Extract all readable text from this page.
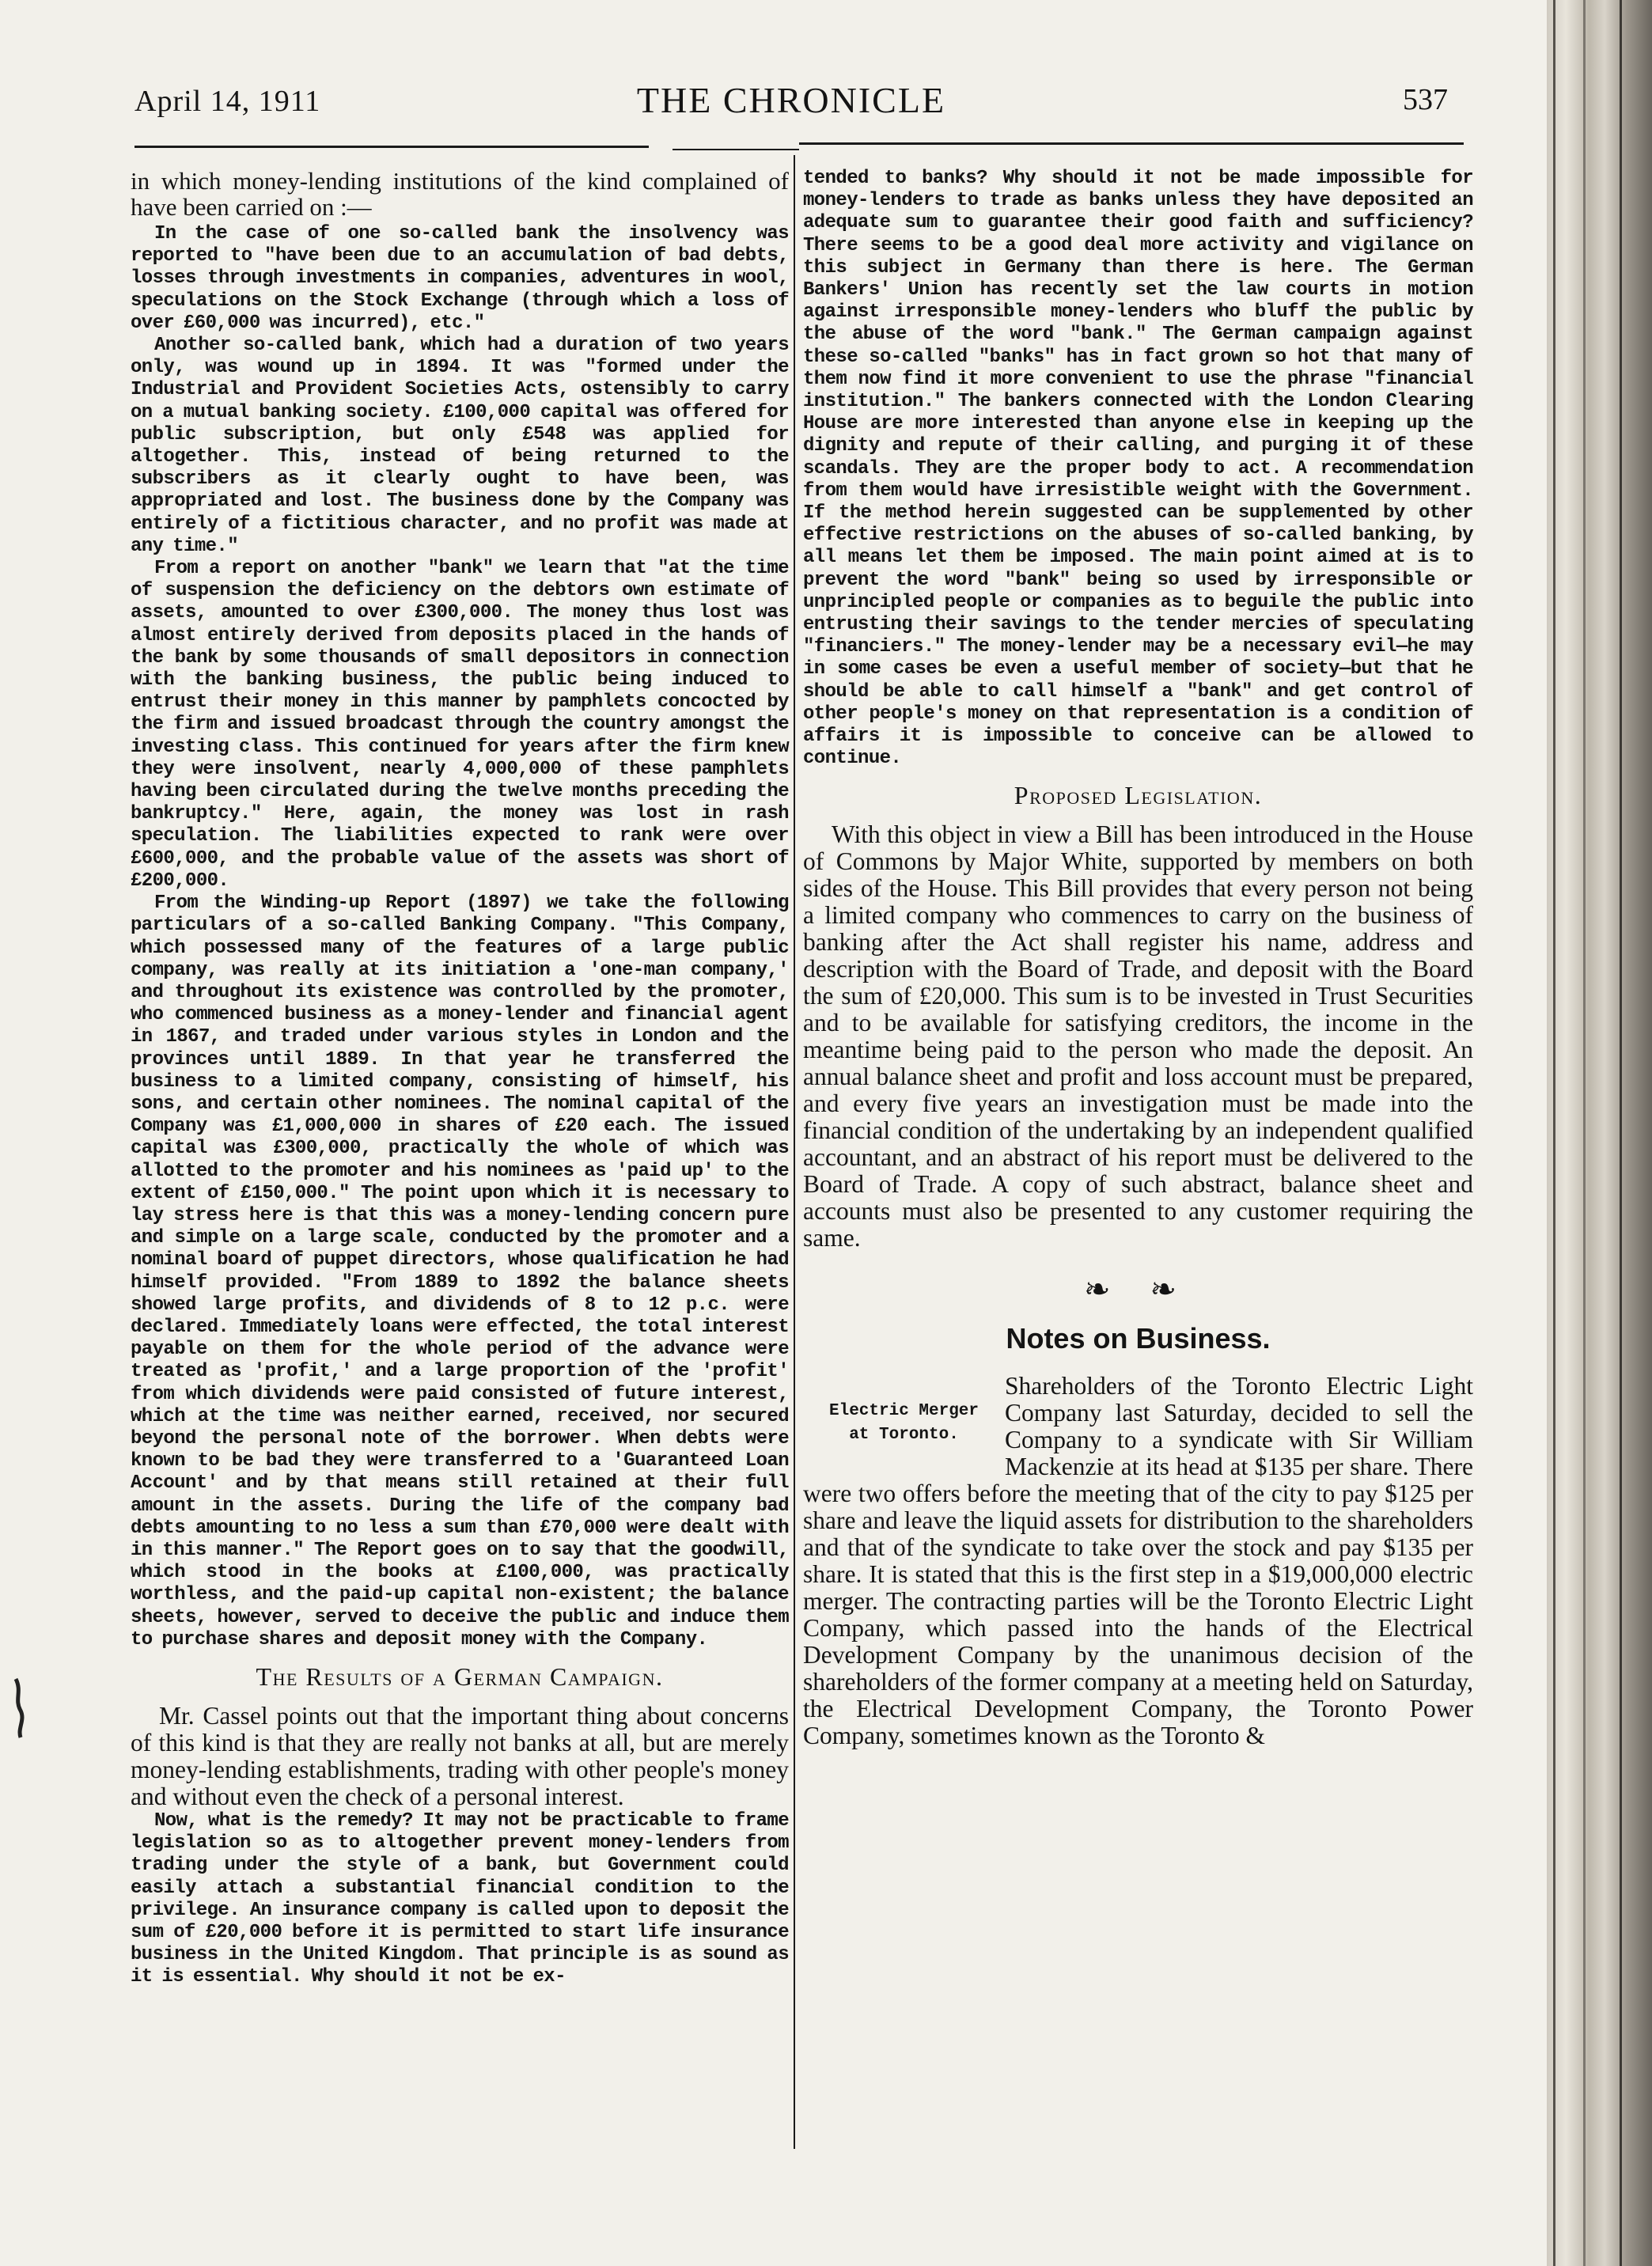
April 14, 1911	THE CHRONICLE	537

in which money-lending institutions of the kind complained of have been carried on :—

In the case of one so-called bank the insolvency was reported to "have been due to an accumulation of bad debts, losses through investments in companies, adventures in wool, speculations on the Stock Exchange (through which a loss of over £60,000 was incurred), etc."

Another so-called bank, which had a duration of two years only, was wound up in 1894. It was "formed under the Industrial and Provident Societies Acts, ostensibly to carry on a mutual banking society. £100,000 capital was offered for public subscription, but only £548 was applied for altogether. This, instead of being returned to the subscribers as it clearly ought to have been, was appropriated and lost. The business done by the Company was entirely of a fictitious character, and no profit was made at any time."

From a report on another "bank" we learn that "at the time of suspension the deficiency on the debtors own estimate of assets, amounted to over £300,000. The money thus lost was almost entirely derived from deposits placed in the hands of the bank by some thousands of small depositors in connection with the banking business, the public being induced to entrust their money in this manner by pamphlets concocted by the firm and issued broadcast through the country amongst the investing class. This continued for years after the firm knew they were insolvent, nearly 4,000,000 of these pamphlets having been circulated during the twelve months preceding the bankruptcy." Here, again, the money was lost in rash speculation. The liabilities expected to rank were over £600,000, and the probable value of the assets was short of £200,000.

From the Winding-up Report (1897) we take the following particulars of a so-called Banking Company. "This Company, which possessed many of the features of a large public company, was really at its initiation a 'one-man company,' and throughout its existence was controlled by the promoter, who commenced business as a money-lender and financial agent in 1867, and traded under various styles in London and the provinces until 1889. In that year he transferred the business to a limited company, consisting of himself, his sons, and certain other nominees. The nominal capital of the Company was £1,000,000 in shares of £20 each. The issued capital was £300,000, practically the whole of which was allotted to the promoter and his nominees as 'paid up' to the extent of £150,000." The point upon which it is necessary to lay stress here is that this was a money-lending concern pure and simple on a large scale, conducted by the promoter and a nominal board of puppet directors, whose qualification he had himself provided. "From 1889 to 1892 the balance sheets showed large profits, and dividends of 8 to 12 p.c. were declared. Immediately loans were effected, the total interest payable on them for the whole period of the advance were treated as 'profit,' and a large proportion of the 'profit' from which dividends were paid consisted of future interest, which at the time was neither earned, received, nor secured beyond the personal note of the borrower. When debts were known to be bad they were transferred to a 'Guaranteed Loan Account' and by that means still retained at their full amount in the assets. During the life of the company bad debts amounting to no less a sum than £70,000 were dealt with in this manner." The Report goes on to say that the goodwill, which stood in the books at £100,000, was practically worthless, and the paid-up capital non-existent; the balance sheets, however, served to deceive the public and induce them to purchase shares and deposit money with the Company.

The Results of a German Campaign.

Mr. Cassel points out that the important thing about concerns of this kind is that they are really not banks at all, but are merely money-lending establishments, trading with other people's money and without even the check of a personal interest.

Now, what is the remedy? It may not be practicable to frame legislation so as to altogether prevent money-lenders from trading under the style of a bank, but Government could easily attach a substantial financial condition to the privilege. An insurance company is called upon to deposit the sum of £20,000 before it is permitted to start life insurance business in the United Kingdom. That principle is as sound as it is essential. Why should it not be ex-

tended to banks? Why should it not be made impossible for money-lenders to trade as banks unless they have deposited an adequate sum to guarantee their good faith and sufficiency? There seems to be a good deal more activity and vigilance on this subject in Germany than there is here. The German Bankers' Union has recently set the law courts in motion against irresponsible money-lenders who bluff the public by the abuse of the word "bank." The German campaign against these so-called "banks" has in fact grown so hot that many of them now find it more convenient to use the phrase "financial institution." The bankers connected with the London Clearing House are more interested than anyone else in keeping up the dignity and repute of their calling, and purging it of these scandals. They are the proper body to act. A recommendation from them would have irresistible weight with the Government. If the method herein suggested can be supplemented by other effective restrictions on the abuses of so-called banking, by all means let them be imposed. The main point aimed at is to prevent the word "bank" being so used by irresponsible or unprincipled people or companies as to beguile the public into entrusting their savings to the tender mercies of speculating "financiers." The money-lender may be a necessary evil—he may in some cases be even a useful member of society—but that he should be able to call himself a "bank" and get control of other people's money on that representation is a condition of affairs it is impossible to conceive can be allowed to continue.

Proposed Legislation.

With this object in view a Bill has been introduced in the House of Commons by Major White, supported by members on both sides of the House. This Bill provides that every person not being a limited company who commences to carry on the business of banking after the Act shall register his name, address and description with the Board of Trade, and deposit with the Board the sum of £20,000. This sum is to be invested in Trust Securities and to be available for satisfying creditors, the income in the meantime being paid to the person who made the deposit. An annual balance sheet and profit and loss account must be prepared, and every five years an investigation must be made into the financial condition of the undertaking by an independent qualified accountant, and an abstract of his report must be delivered to the Board of Trade. A copy of such abstract, balance sheet and accounts must also be presented to any customer requiring the same.

❧ ❧
Notes on Business.
Electric Merger
at Toronto.

Shareholders of the Toronto Electric Light Company last Saturday, decided to sell the Company to a syndicate with Sir William Mackenzie at its head at $135 per share. There were two offers before the meeting that of the city to pay $125 per share and leave the liquid assets for distribution to the shareholders and that of the syndicate to take over the stock and pay $135 per share. It is stated that this is the first step in a $19,000,000 electric merger. The contracting parties will be the Toronto Electric Light Company, which passed into the hands of the Electrical Development Company by the unanimous decision of the shareholders of the former company at a meeting held on Saturday, the Electrical Development Company, the Toronto Power Company, sometimes known as the Toronto &
